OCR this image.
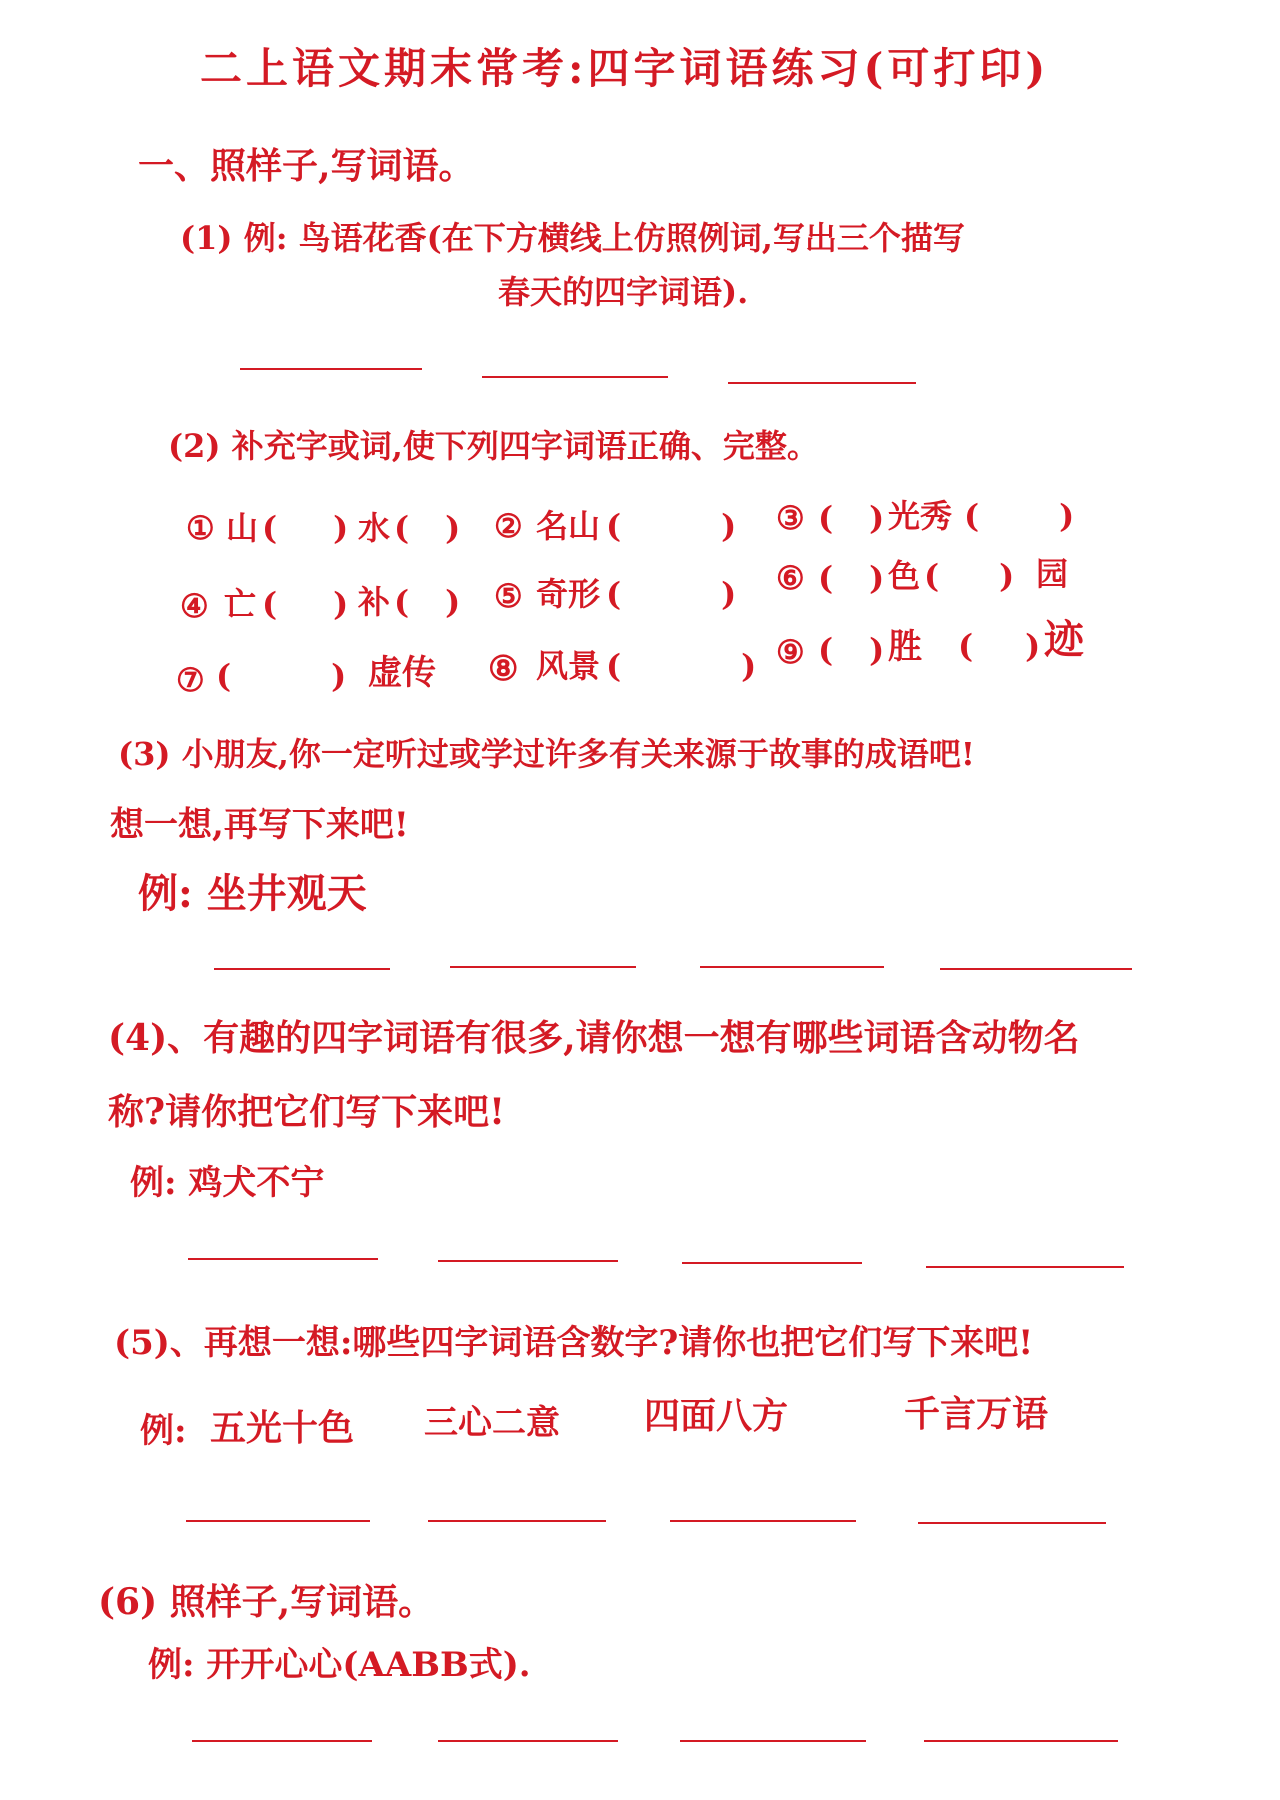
二上语文期末常考:四字词语练习(可打印)
一、照样子,写词语。
(1) 例: 鸟语花香(在下方横线上仿照例词,写出三个描写
春天的四字词语).
(2) 补充字或词,使下列四字词语正确、完整。
① 山 ( ) 水 ( ) ② 名山 (	) ③ ( ) 光秀 (	)
④ 亡 ( ) 补 ( ) ⑤ 奇形 (	) ⑥ ( ) 色 ( ) 园
⑦ (	) 虚传 ⑧ 风景 (	) ⑨ ( ) 胜 ( ) 迹
(3) 小朋友,你一定听过或学过许多有关来源于故事的成语吧!
想一想,再写下来吧!
例: 坐井观天
(4)、有趣的四字词语有很多,请你想一想有哪些词语含动物名
称?请你把它们写下来吧!
例: 鸡犬不宁
(5)、再想一想:哪些四字词语含数字?请你也把它们写下来吧!
例: 五光十色 三心二意 四面八方	千言万语
(6) 照样子,写词语。
例: 开开心心(AABB式).
